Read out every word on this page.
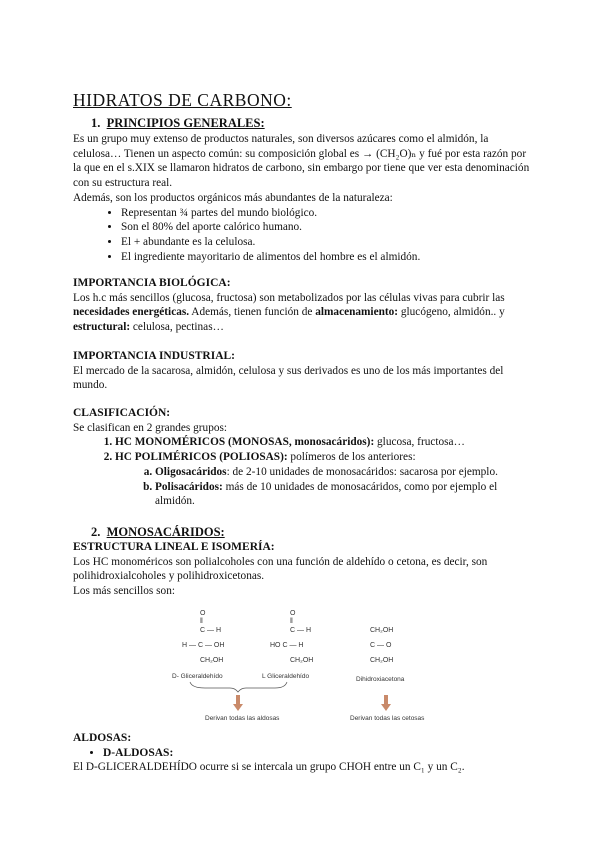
HIDRATOS DE CARBONO:
1. PRINCIPIOS GENERALES:

Es un grupo muy extenso de productos naturales, son diversos azúcares como el almidón, la celulosa… Tienen un aspecto común: su composición global es → (CH₂O)ₙ y fué por esta razón por la que en el s.XIX se llamaron hidratos de carbono, sin embargo por tiene que ver esta denominación con su estructura real.

Además, son los productos orgánicos más abundantes de la naturaleza:

• Representan ¾ partes del mundo biológico.
• Son el 80% del aporte calórico humano.
• El + abundante es la celulosa.
• El ingrediente mayoritario de alimentos del hombre es el almidón.

IMPORTANCIA BIOLÓGICA:

Los h.c más sencillos (glucosa, fructosa) son metabolizados por las células vivas para cubrir las necesidades energéticas. Además, tienen función de almacenamiento: glucógeno, almidón.. y estructural: celulosa, pectinas…

IMPORTANCIA INDUSTRIAL:

El mercado de la sacarosa, almidón, celulosa y sus derivados es uno de los más importantes del mundo.

CLASIFICACIÓN:

Se clasifican en 2 grandes grupos:

1. HC MONOMÉRICOS (MONOSAS, monosacáridos): glucosa, fructosa…
2. HC POLIMÉRICOS (POLIOSAS): polímeros de los anteriores:
a. Oligosacáridos: de 2-10 unidades de monosacáridos: sacarosa por ejemplo.
b. Polisacáridos: más de 10 unidades de monosacáridos, como por ejemplo el almidón.
2. MONOSACÁRIDOS:

ESTRUCTURA LINEAL E ISOMERÍA:

Los HC monoméricos son polialcoholes con una función de aldehído o cetona, es decir, son polihidroxialcoholes y polihidroxicetonas.

Los más sencillos son:

O
‖
C — H
H — C — OH
CH₂OH
O
‖
C — H
HO C — H
CH₂OH
CH₂OH
C — O
CH₂OH
D- Gliceraldehído	L Gliceraldehído	Dihidroxiacetona
Derivan todas las aldosas	Derivan todas las cetosas

ALDOSAS:

• D-ALDOSAS:

El D-GLICERALDEHÍDO ocurre si se intercala un grupo CHOH entre un C₁ y un C₂.
